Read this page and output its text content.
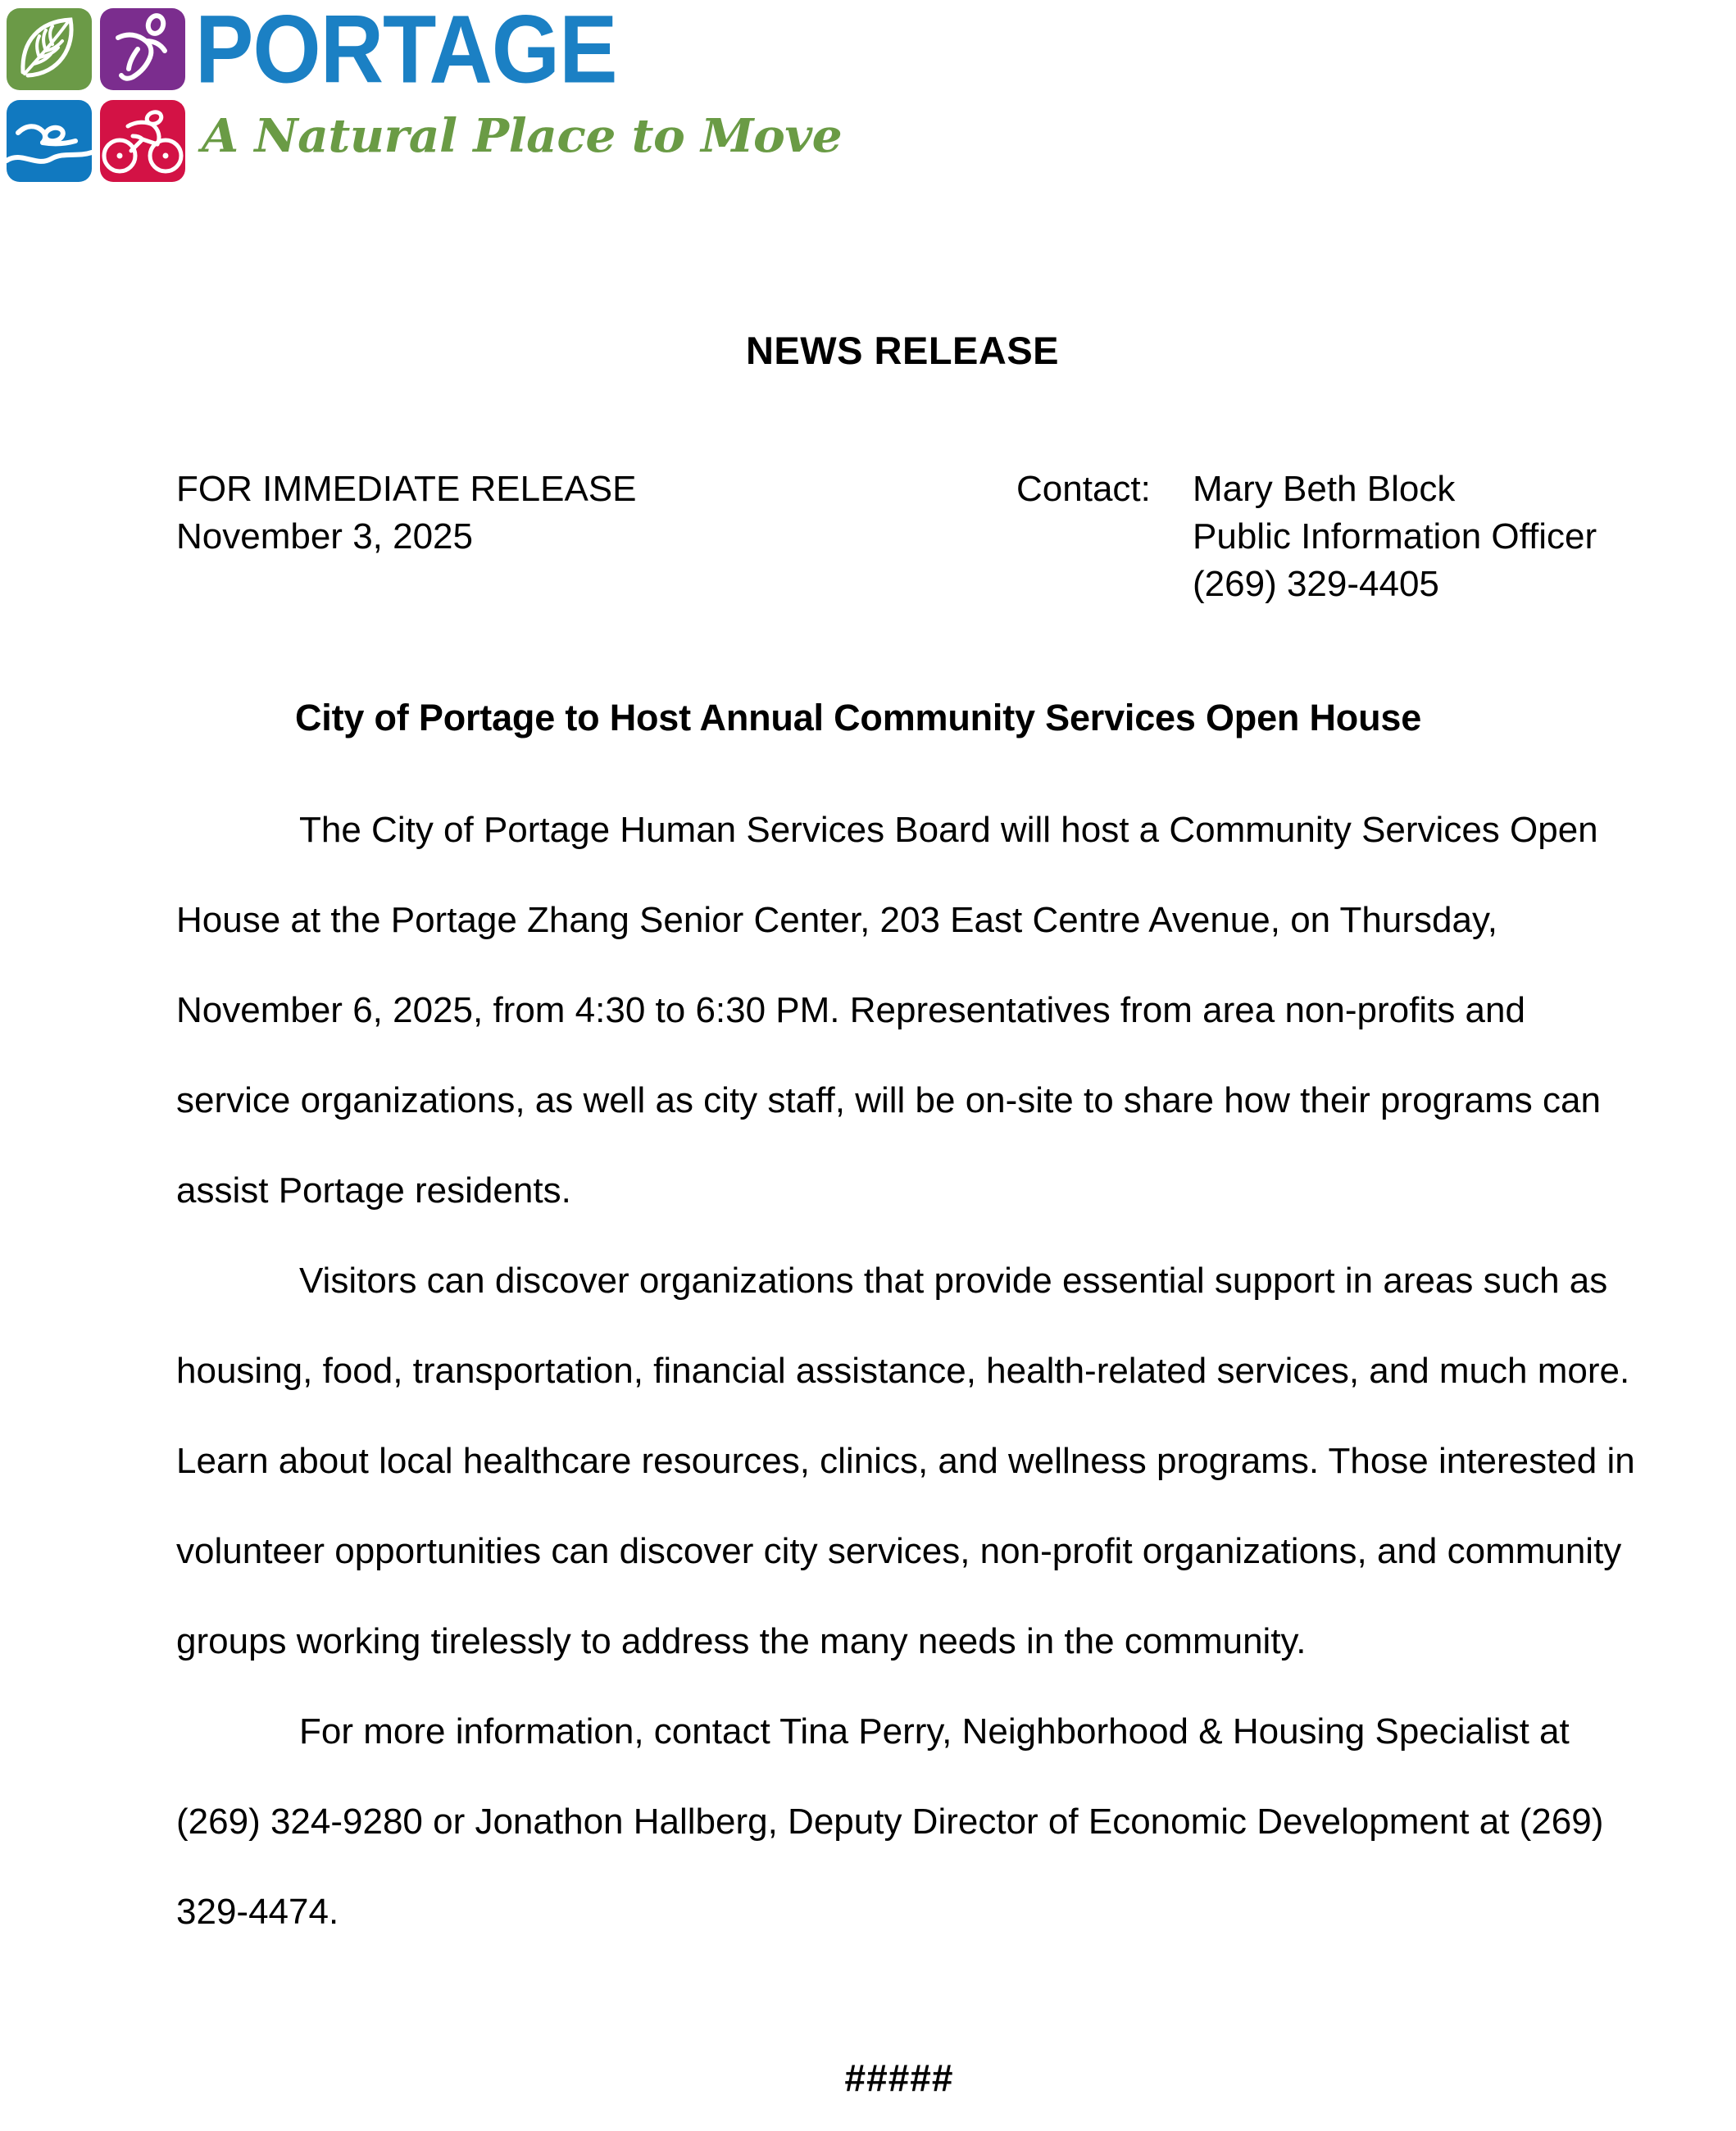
PORTAGE
A Natural Place to Move
NEWS RELEASE
FOR IMMEDIATE RELEASE
November 3, 2025
Contact: Mary Beth Block
Public Information Officer
(269) 329-4405
City of Portage to Host Annual Community Services Open House

The City of Portage Human Services Board will host a Community Services Open House at the Portage Zhang Senior Center, 203 East Centre Avenue, on Thursday, November 6, 2025, from 4:30 to 6:30 PM. Representatives from area non-profits and service organizations, as well as city staff, will be on-site to share how their programs can assist Portage residents.

Visitors can discover organizations that provide essential support in areas such as housing, food, transportation, financial assistance, health-related services, and much more. Learn about local healthcare resources, clinics, and wellness programs. Those interested in volunteer opportunities can discover city services, non-profit organizations, and community groups working tirelessly to address the many needs in the community.

For more information, contact Tina Perry, Neighborhood & Housing Specialist at (269) 324-9280 or Jonathon Hallberg, Deputy Director of Economic Development at (269) 329-4474.

#####
